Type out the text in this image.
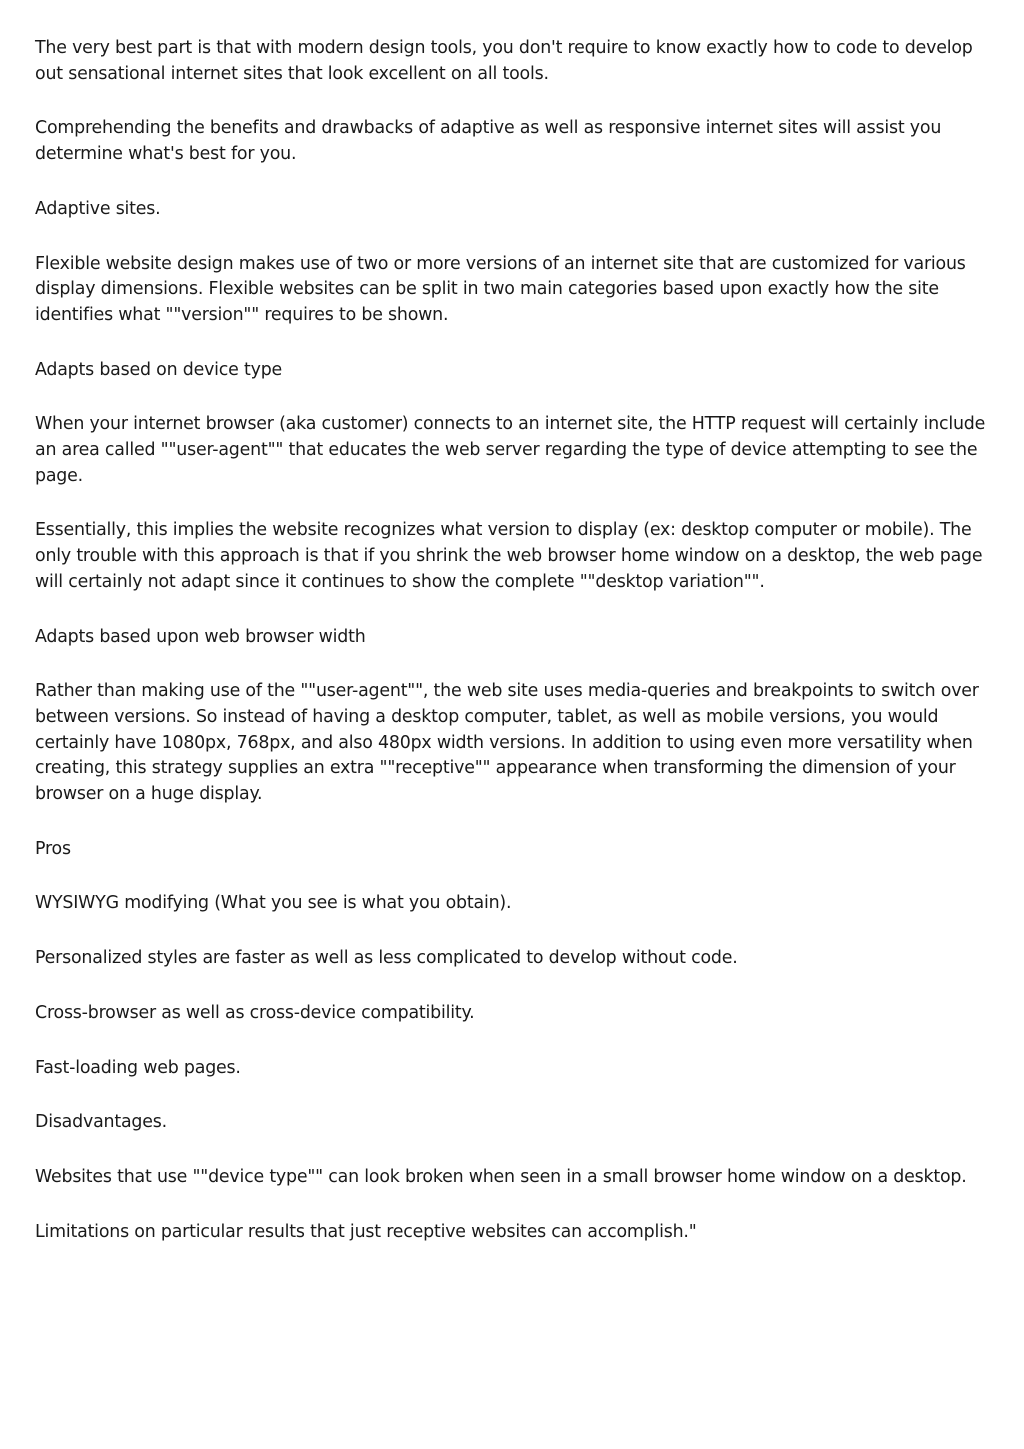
The very best part is that with modern design tools, you don't require to know exactly how to code to develop out sensational internet sites that look excellent on all tools.

Comprehending the benefits and drawbacks of adaptive as well as responsive internet sites will assist you determine what's best for you.

Adaptive sites.

Flexible website design makes use of two or more versions of an internet site that are customized for various display dimensions. Flexible websites can be split in two main categories based upon exactly how the site identifies what ""version"" requires to be shown.

Adapts based on device type

When your internet browser (aka customer) connects to an internet site, the HTTP request will certainly include an area called ""user-agent"" that educates the web server regarding the type of device attempting to see the page.

Essentially, this implies the website recognizes what version to display (ex: desktop computer or mobile). The only trouble with this approach is that if you shrink the web browser home window on a desktop, the web page will certainly not adapt since it continues to show the complete ""desktop variation"".

Adapts based upon web browser width

Rather than making use of the ""user-agent"", the web site uses media-queries and breakpoints to switch over between versions. So instead of having a desktop computer, tablet, as well as mobile versions, you would certainly have 1080px, 768px, and also 480px width versions. In addition to using even more versatility when creating, this strategy supplies an extra ""receptive"" appearance when transforming the dimension of your browser on a huge display.

Pros

WYSIWYG modifying (What you see is what you obtain).

Personalized styles are faster as well as less complicated to develop without code.

Cross-browser as well as cross-device compatibility.

Fast-loading web pages.

Disadvantages.

Websites that use ""device type"" can look broken when seen in a small browser home window on a desktop.

Limitations on particular results that just receptive websites can accomplish."
